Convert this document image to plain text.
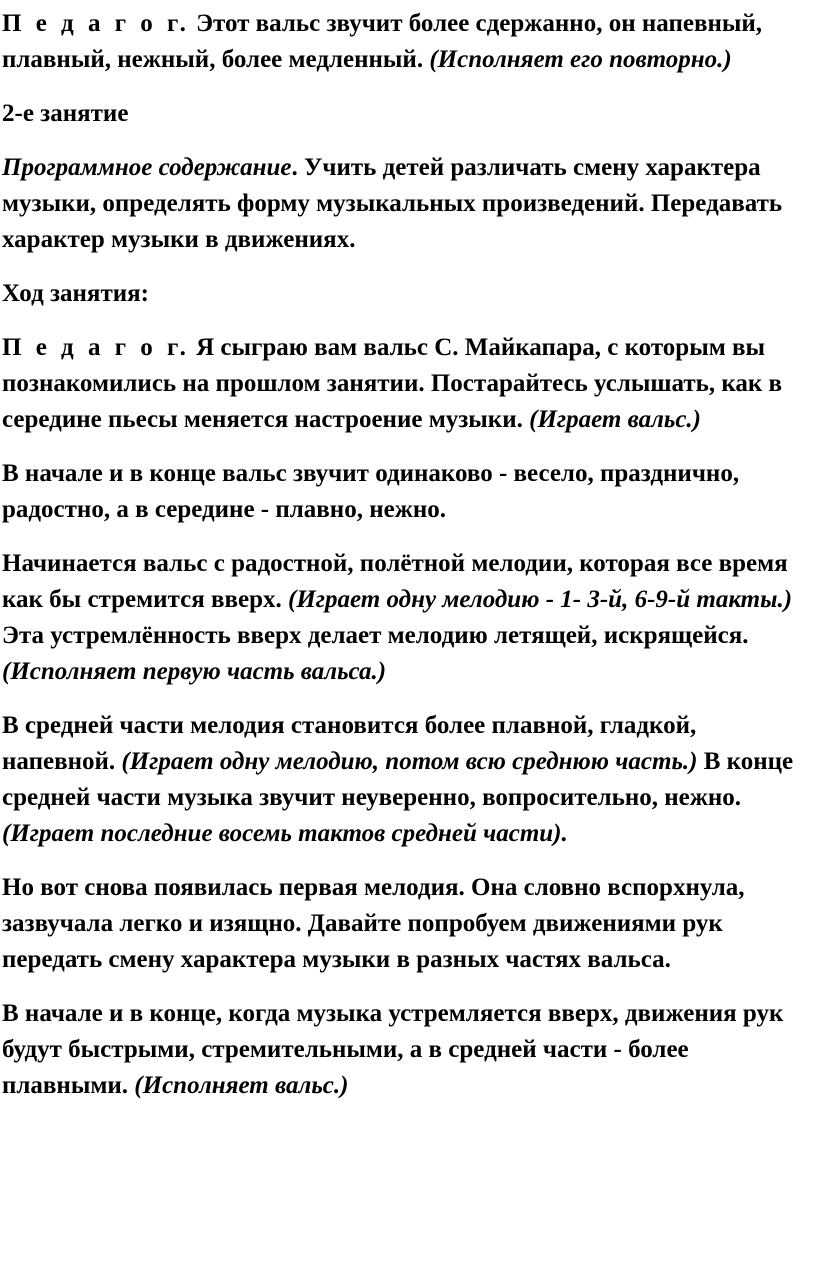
П е д а г о г. Этот вальс звучит более сдержанно, он напевный, плавный, нежный, более медленный. (Исполняет его повторно.)

2-е занятие

Программное содержание. Учить детей различать смену характера музыки, определять форму музыкальных произведений. Передавать характер музыки в движениях.

Ход занятия:

П е д а г о г. Я сыграю вам вальс С. Майкапара, с которым вы познакомились на прошлом занятии. Постарайтесь услышать, как в середине пьесы меняется настроение музыки. (Играет вальс.)

В начале и в конце вальс звучит одинаково - весело, празднично, радостно, а в середине - плавно, нежно.

Начинается вальс с радостной, полётной мелодии, которая все время как бы стремится вверх. (Играет одну мелодию - 1- 3-й, 6-9-й такты.) Эта устремлённость вверх делает мелодию летящей, искрящейся. (Исполняет первую часть вальса.)

В средней части мелодия становится более плавной, гладкой, напевной. (Играет одну мелодию, потом всю среднюю часть.) В конце средней части музыка звучит неуверенно, вопросительно, нежно. (Играет последние восемь тактов средней части).

Но вот снова появилась первая мелодия. Она словно вспорхнула, зазвучала легко и изящно. Давайте попробуем движениями рук передать смену характера музыки в разных частях вальса.

В начале и в конце, когда музыка устремляется вверх, движения рук будут быстрыми, стремительными, а в средней части - более плавными. (Исполняет вальс.)
